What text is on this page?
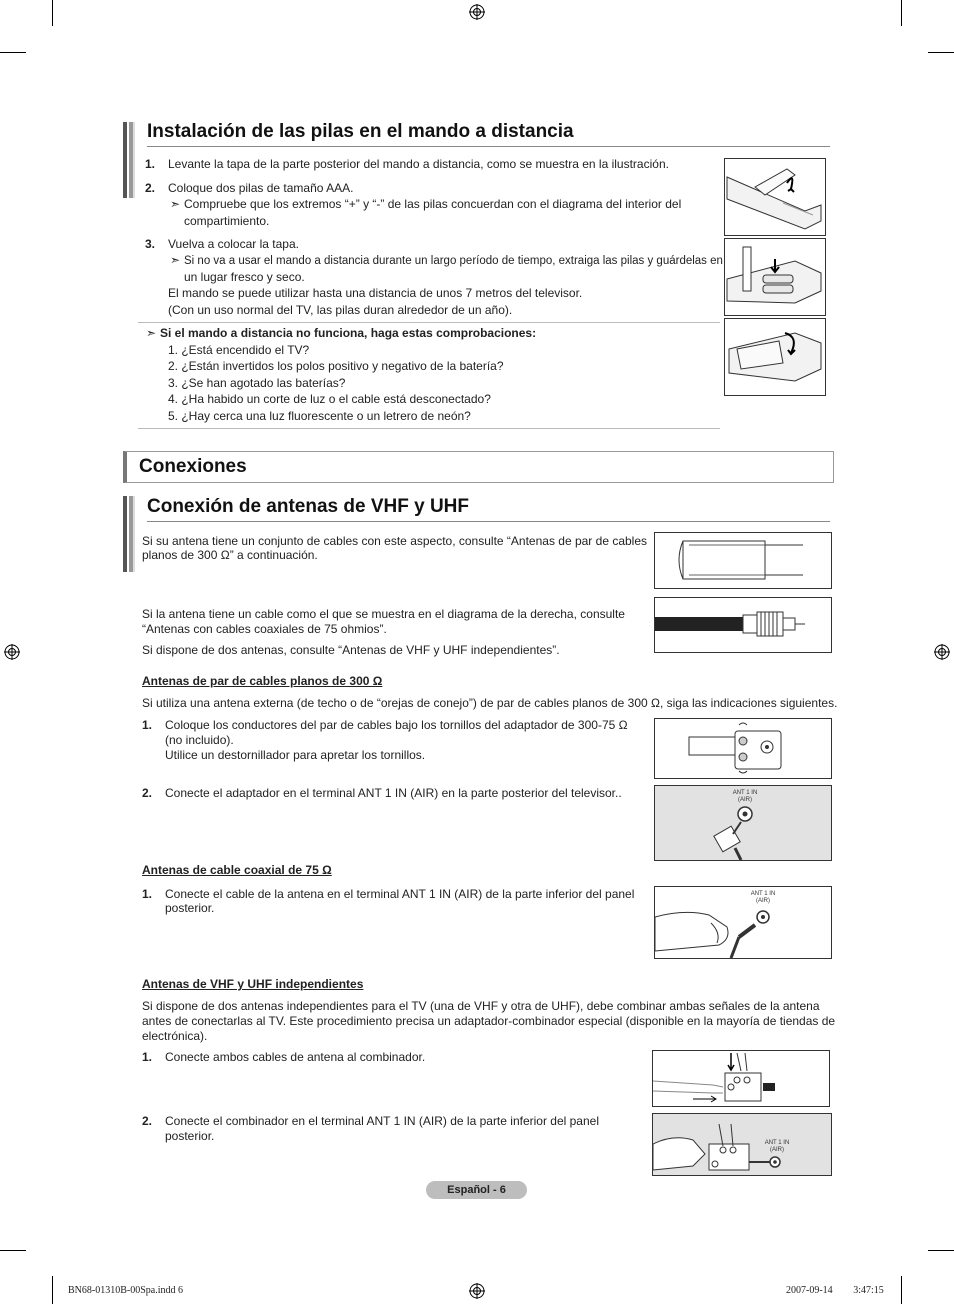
Instalación de las pilas en el mando a distancia
1. Levante la tapa de la parte posterior del mando a distancia, como se muestra en la ilustración.
2. Coloque dos pilas de tamaño AAA.
➣ Compruebe que los extremos “+” y “-” de las pilas concuerdan con el diagrama del interior del
compartimiento.
3. Vuelva a colocar la tapa.
➣ Si no va a usar el mando a distancia durante un largo período de tiempo, extraiga las pilas y guárdelas en
un lugar fresco y seco.
El mando se puede utilizar hasta una distancia de unos 7 metros del televisor.
(Con un uso normal del TV, las pilas duran alrededor de un año).
➣ Si el mando a distancia no funciona, haga estas comprobaciones:
1. ¿Está encendido el TV?
2. ¿Están invertidos los polos positivo y negativo de la batería?
3. ¿Se han agotado las baterías?
4. ¿Ha habido un corte de luz o el cable está desconectado?
5. ¿Hay cerca una luz fluorescente o un letrero de neón?
Conexiones
Conexión de antenas de VHF y UHF
Si su antena tiene un conjunto de cables con este aspecto, consulte “Antenas de par de cables
planos de 300 Ω” a continuación.
Si la antena tiene un cable como el que se muestra en el diagrama de la derecha, consulte
“Antenas con cables coaxiales de 75 ohmios”.
Si dispone de dos antenas, consulte “Antenas de VHF y UHF independientes”.
Antenas de par de cables planos de 300 Ω
Si utiliza una antena externa (de techo o de “orejas de conejo”) de par de cables planos de 300 Ω, siga las indicaciones siguientes.
1. Coloque los conductores del par de cables bajo los tornillos del adaptador de 300-75 Ω
(no incluido).
Utilice un destornillador para apretar los tornillos.
2. Conecte el adaptador en el terminal ANT 1 IN (AIR) en la parte posterior del televisor..	ANT 1 IN
(AIR)
Antenas de cable coaxial de 75 Ω
1. Conecte el cable de la antena en el terminal ANT 1 IN (AIR) de la parte inferior del panel
posterior.
ANT 1 IN
(AIR)
Antenas de VHF y UHF independientes
Si dispone de dos antenas independientes para el TV (una de VHF y otra de UHF), debe combinar ambas señales de la antena
antes de conectarlas al TV. Este procedimiento precisa un adaptador-combinador especial (disponible en la mayoría de tiendas de
electrónica).
1. Conecte ambos cables de antena al combinador.
2. Conecte el combinador en el terminal ANT 1 IN (AIR) de la parte inferior del panel
posterior.	ANT 1 IN
(AIR)
Español - 6
BN68-01310B-00Spa.indd 6	2007-09-14 ￿￿ 3:47:15
